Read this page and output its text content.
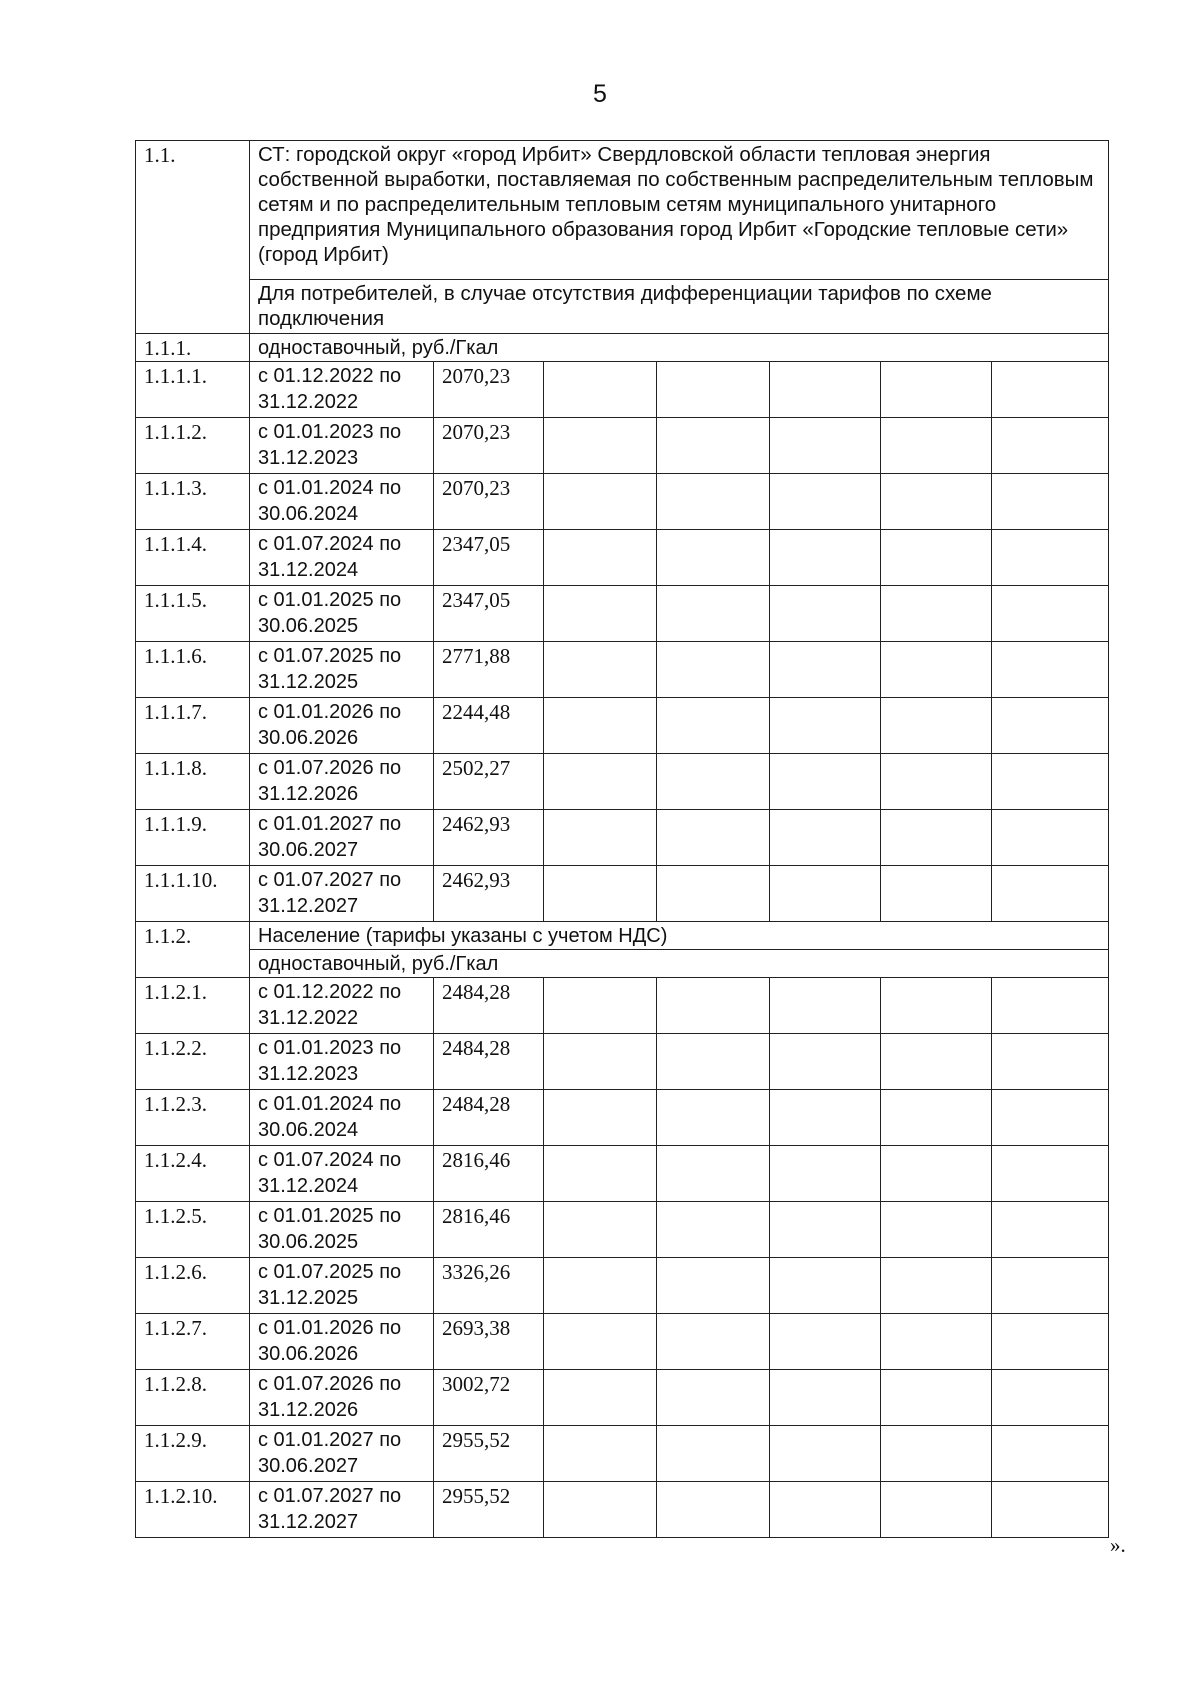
5
1.1.	СТ: городской округ «город Ирбит» Свердловской области тепловая энергия собственной выработки, поставляемая по собственным распределительным тепловым сетям и по распределительным тепловым сетям муниципального унитарного предприятия Муниципального образования город Ирбит «Городские тепловые сети» (город Ирбит)						
	Для потребителей, в случае отсутствия дифференциации тарифов по схеме подключения						
1.1.1.	одноставочный, руб./Гкал						
1.1.1.1.	с 01.12.2022 по 31.12.2022	2070,23					
1.1.1.2.	с 01.01.2023 по 31.12.2023	2070,23					
1.1.1.3.	с 01.01.2024 по 30.06.2024	2070,23					
1.1.1.4.	с 01.07.2024 по 31.12.2024	2347,05					
1.1.1.5.	с 01.01.2025 по 30.06.2025	2347,05					
1.1.1.6.	с 01.07.2025 по 31.12.2025	2771,88					
1.1.1.7.	с 01.01.2026 по 30.06.2026	2244,48					
1.1.1.8.	с 01.07.2026 по 31.12.2026	2502,27					
1.1.1.9.	с 01.01.2027 по 30.06.2027	2462,93					
1.1.1.10.	с 01.07.2027 по 31.12.2027	2462,93					
1.1.2.	Население (тарифы указаны с учетом НДС)						
	одноставочный, руб./Гкал						
1.1.2.1.	с 01.12.2022 по 31.12.2022	2484,28					
1.1.2.2.	с 01.01.2023 по 31.12.2023	2484,28					
1.1.2.3.	с 01.01.2024 по 30.06.2024	2484,28					
1.1.2.4.	с 01.07.2024 по 31.12.2024	2816,46					
1.1.2.5.	с 01.01.2025 по 30.06.2025	2816,46					
1.1.2.6.	с 01.07.2025 по 31.12.2025	3326,26					
1.1.2.7.	с 01.01.2026 по 30.06.2026	2693,38					
1.1.2.8.	с 01.07.2026 по 31.12.2026	3002,72					
1.1.2.9.	с 01.01.2027 по 30.06.2027	2955,52					
1.1.2.10.	с 01.07.2027 по 31.12.2027	2955,52					
».
